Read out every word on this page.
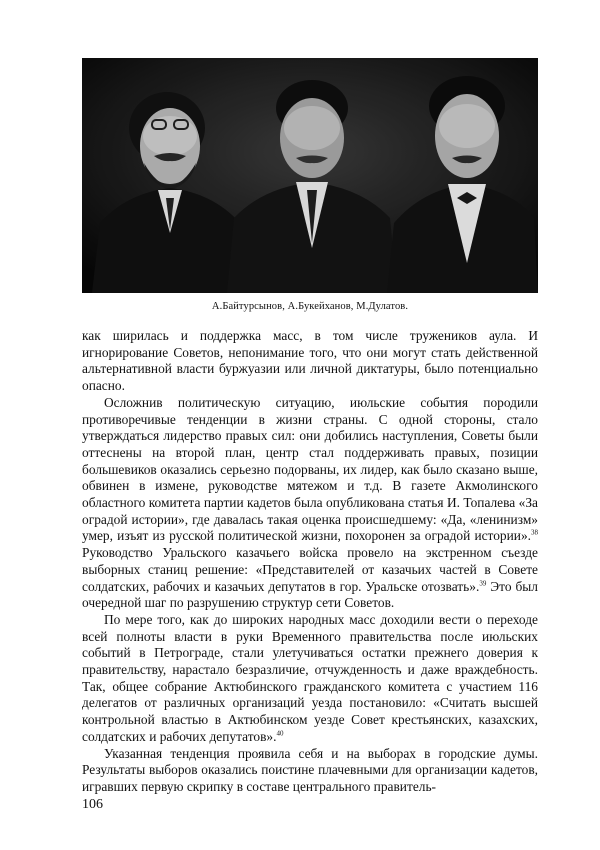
А.Байтурсынов, А.Букейханов, М.Дулатов.

как ширилась и поддержка масс, в том числе тружеников аула. И игнорирование Советов, непонимание того, что они могут стать действенной альтернативной власти буржуазии или личной диктатуры, было потенциально опасно.

Осложнив политическую ситуацию, июльские события породили противоречивые тенденции в жизни страны. С одной стороны, стало утверждаться лидерство правых сил: они добились наступления, Советы были оттеснены на второй план, центр стал поддерживать правых, позиции большевиков оказались серьезно подорваны, их лидер, как было сказано выше, обвинен в измене, руководстве мятежом и т.д. В газете Акмолинского областного комитета партии кадетов была опубликована статья И. Топалева «За оградой истории», где давалась такая оценка происшедшему: «Да, «ленинизм» умер, изъят из русской политической жизни, похоронен за оградой истории».$^{38}$ Руководство Уральского казачьего войска провело на экстренном съезде выборных станиц решение: «Представителей от казачьих частей в Совете солдатских, рабочих и казачьих депутатов в гор. Уральске отозвать».$^{39}$ Это был очередной шаг по разрушению структур сети Советов.

По мере того, как до широких народных масс доходили вести о переходе всей полноты власти в руки Временного правительства после июльских событий в Петрограде, стали улетучиваться остатки прежнего доверия к правительству, нарастало безразличие, отчужденность и даже враждебность. Так, общее собрание Актюбинского гражданского комитета с участием 116 делегатов от различных организаций уезда постановило: «Считать высшей контрольной властью в Актюбинском уезде Совет крестьянских, казахских, солдатских и рабочих депутатов».$^{40}$

Указанная тенденция проявила себя и на выборах в городские думы. Результаты выборов оказались поистине плачевными для организации кадетов, игравших первую скрипку в составе центрального правитель-

106
